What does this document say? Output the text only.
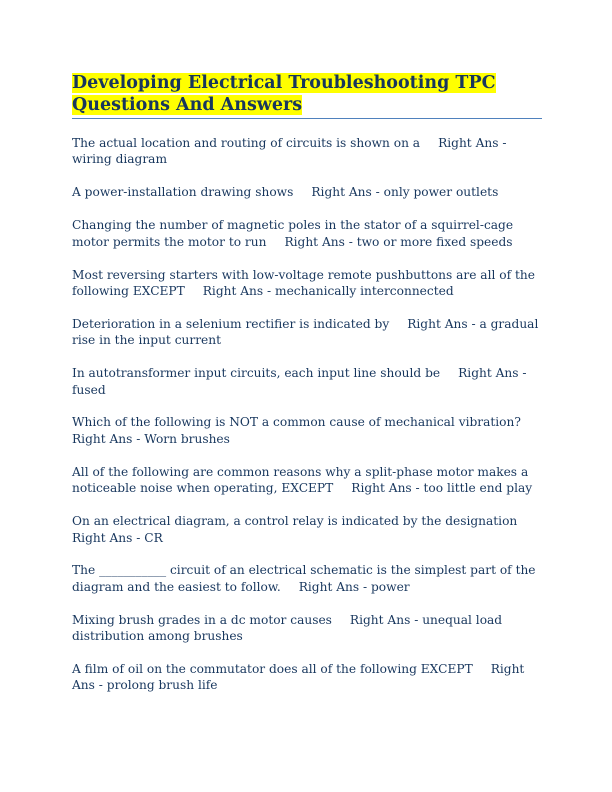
Developing Electrical Troubleshooting TPC Questions And Answers

The actual location and routing of circuits is shown on a Right Ans - wiring diagram

A power-installation drawing shows Right Ans - only power outlets

Changing the number of magnetic poles in the stator of a squirrel-cage motor permits the motor to run Right Ans - two or more fixed speeds

Most reversing starters with low-voltage remote pushbuttons are all of the following EXCEPT Right Ans - mechanically interconnected

Deterioration in a selenium rectifier is indicated by Right Ans - a gradual rise in the input current

In autotransformer input circuits, each input line should be Right Ans - fused

Which of the following is NOT a common cause of mechanical vibration?
Right Ans - Worn brushes

All of the following are common reasons why a split-phase motor makes a noticeable noise when operating, EXCEPT Right Ans - too little end play

On an electrical diagram, a control relay is indicated by the designation
Right Ans - CR

The ___________ circuit of an electrical schematic is the simplest part of the diagram and the easiest to follow. Right Ans - power

Mixing brush grades in a dc motor causes Right Ans - unequal load distribution among brushes

A film of oil on the commutator does all of the following EXCEPT Right Ans - prolong brush life
